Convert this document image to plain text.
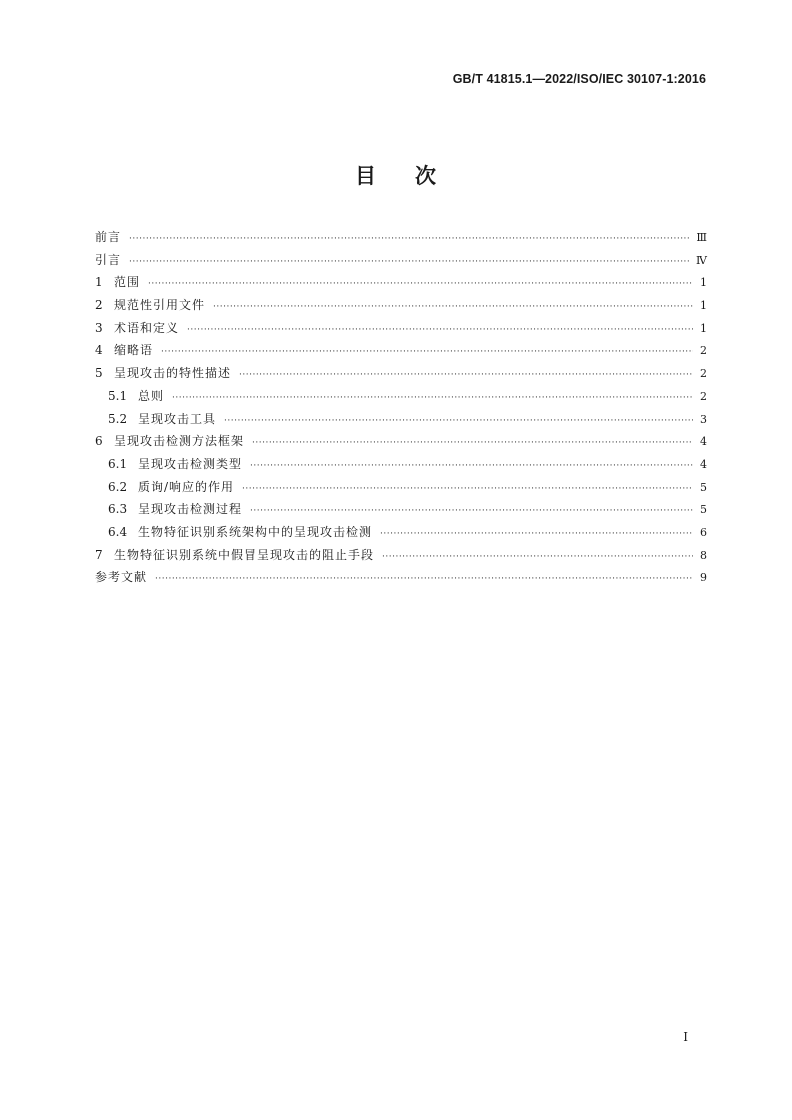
GB/T 41815.1—2022/ISO/IEC 30107-1:2016
目 次
前言 ·····	Ⅲ
引言 ·····	Ⅳ
1 范围 ·····	1
2 规范性引用文件 ·····	1
3 术语和定义 ·····	1
4 缩略语 ·····	2
5 呈现攻击的特性描述 ·····	2
5.1 总则 ·····	2
5.2 呈现攻击工具 ·····	3
6 呈现攻击检测方法框架 ·····	4
6.1 呈现攻击检测类型 ·····	4
6.2 质询/响应的作用 ·····	5
6.3 呈现攻击检测过程 ·····	5
6.4 生物特征识别系统架构中的呈现攻击检测 ·····	6
7 生物特征识别系统中假冒呈现攻击的阻止手段 ·····	8
参考文献 ·····	9
I
